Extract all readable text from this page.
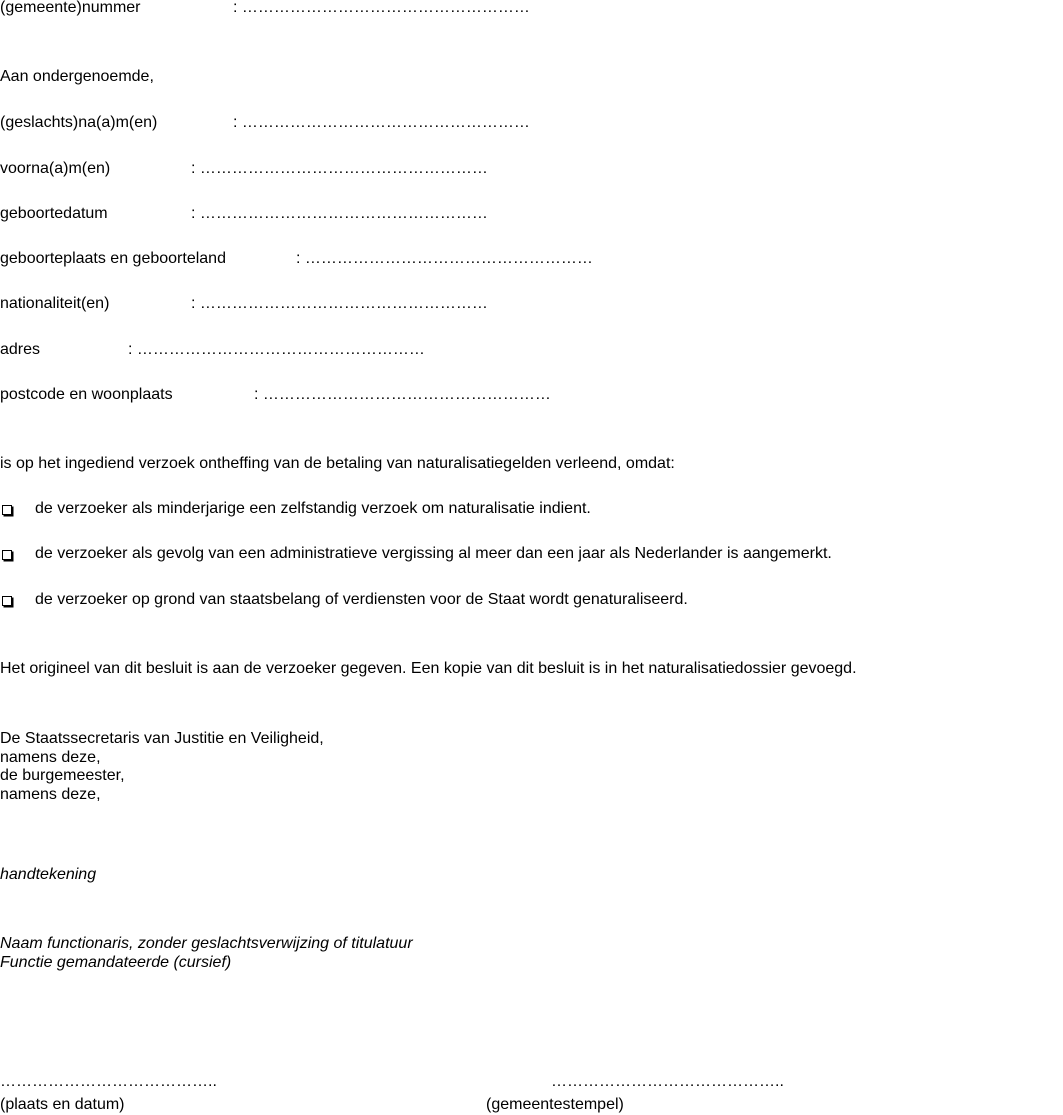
(gemeente)nummer	: ………………………………………………
Aan ondergenoemde,
(geslachts)na(a)m(en)	: ………………………………………………
voorna(a)m(en)	: ………………………………………………
geboortedatum	: ………………………………………………
geboorteplaats en geboorteland	: ………………………………………………
nationaliteit(en)	: ………………………………………………
adres	: ………………………………………………
postcode en woonplaats	: ………………………………………………
is op het ingediend verzoek ontheffing van de betaling van naturalisatiegelden verleend, omdat:
de verzoeker als minderjarige een zelfstandig verzoek om naturalisatie indient.
de verzoeker als gevolg van een administratieve vergissing al meer dan een jaar als Nederlander is aangemerkt.
de verzoeker op grond van staatsbelang of verdiensten voor de Staat wordt genaturaliseerd.
Het origineel van dit besluit is aan de verzoeker gegeven. Een kopie van dit besluit is in het naturalisatiedossier gevoegd.
De Staatssecretaris van Justitie en Veiligheid,
namens deze,
de burgemeester,
namens deze,
handtekening
Naam functionaris, zonder geslachtsverwijzing of titulatuur
Functie gemandateerde (cursief)
…………………………………..
(plaats en datum)
……………………………………..
(gemeentestempel)
